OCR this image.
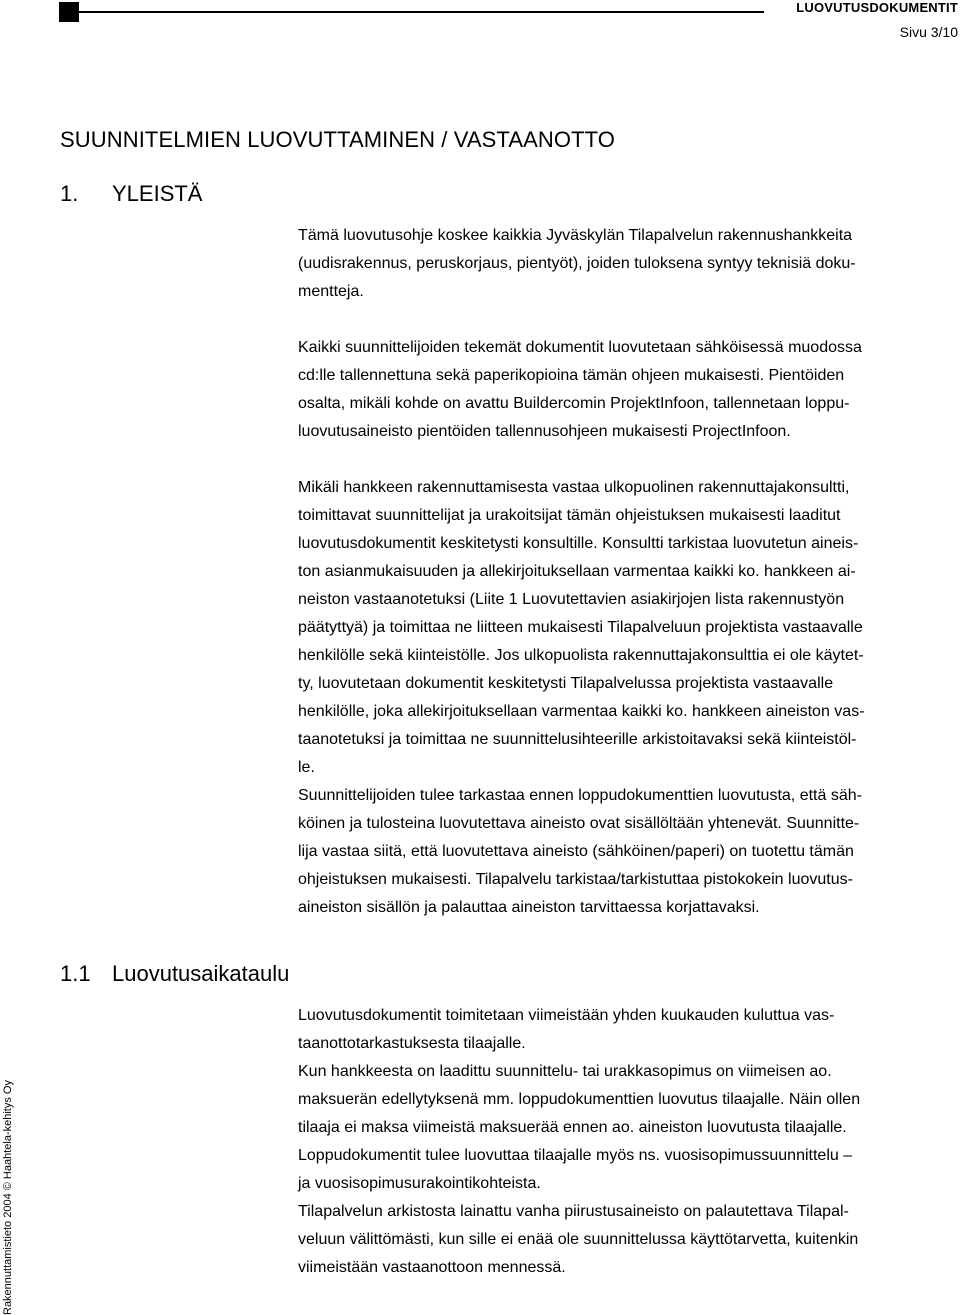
LUOVUTUSDOKUMENTIT
Sivu 3/10
SUUNNITELMIEN LUOVUTTAMINEN / VASTAANOTTO
1. YLEISTÄ
Tämä luovutusohje koskee kaikkia Jyväskylän Tilapalvelun rakennushankkeita
(uudisrakennus, peruskorjaus, pientyöt), joiden tuloksena syntyy teknisiä doku-
mentteja.
Kaikki suunnittelijoiden tekemät dokumentit luovutetaan sähköisessä muodossa
cd:lle tallennettuna sekä paperikopioina tämän ohjeen mukaisesti. Pientöiden
osalta, mikäli kohde on avattu Buildercomin ProjektInfoon, tallennetaan loppu-
luovutusaineisto pientöiden tallennusohjeen mukaisesti ProjectInfoon.
Mikäli hankkeen rakennuttamisesta vastaa ulkopuolinen rakennuttajakonsultti,
toimittavat suunnittelijat ja urakoitsijat tämän ohjeistuksen mukaisesti laaditut
luovutusdokumentit keskitetysti konsultille. Konsultti tarkistaa luovutetun aineis-
ton asianmukaisuuden ja allekirjoituksellaan varmentaa kaikki ko. hankkeen ai-
neiston vastaanotetuksi (Liite 1 Luovutettavien asiakirjojen lista rakennustyön
päätyttyä) ja toimittaa ne liitteen mukaisesti Tilapalveluun projektista vastaavalle
henkilölle sekä kiinteistölle. Jos ulkopuolista rakennuttajakonsulttia ei ole käytet-
ty, luovutetaan dokumentit keskitetysti Tilapalvelussa projektista vastaavalle
henkilölle, joka allekirjoituksellaan varmentaa kaikki ko. hankkeen aineiston vas-
taanotetuksi ja toimittaa ne suunnittelusihteerille arkistoitavaksi sekä kiinteistöl-
le.
Suunnittelijoiden tulee tarkastaa ennen loppudokumenttien luovutusta, että säh-
köinen ja tulosteina luovutettava aineisto ovat sisällöltään yhtenevät. Suunnitte-
lija vastaa siitä, että luovutettava aineisto (sähköinen/paperi) on tuotettu tämän
ohjeistuksen mukaisesti. Tilapalvelu tarkistaa/tarkistuttaa pistokokein luovutus-
aineiston sisällön ja palauttaa aineiston tarvittaessa korjattavaksi.
1.1 Luovutusaikataulu
Luovutusdokumentit toimitetaan viimeistään yhden kuukauden kuluttua vas-
taanottotarkastuksesta tilaajalle.
Kun hankkeesta on laadittu suunnittelu- tai urakkasopimus on viimeisen ao.
maksuerän edellytyksenä mm. loppudokumenttien luovutus tilaajalle. Näin ollen
tilaaja ei maksa viimeistä maksuerää ennen ao. aineiston luovutusta tilaajalle.
Loppudokumentit tulee luovuttaa tilaajalle myös ns. vuosisopimussuunnittelu –
ja vuosisopimusurakointikohteista.
Tilapalvelun arkistosta lainattu vanha piirustusaineisto on palautettava Tilapal-
veluun välittömästi, kun sille ei enää ole suunnittelussa käyttötarvetta, kuitenkin
viimeistään vastaanottoon mennessä.
Rakennuttamistieto 2004 © Haahtela-kehitys Oy
